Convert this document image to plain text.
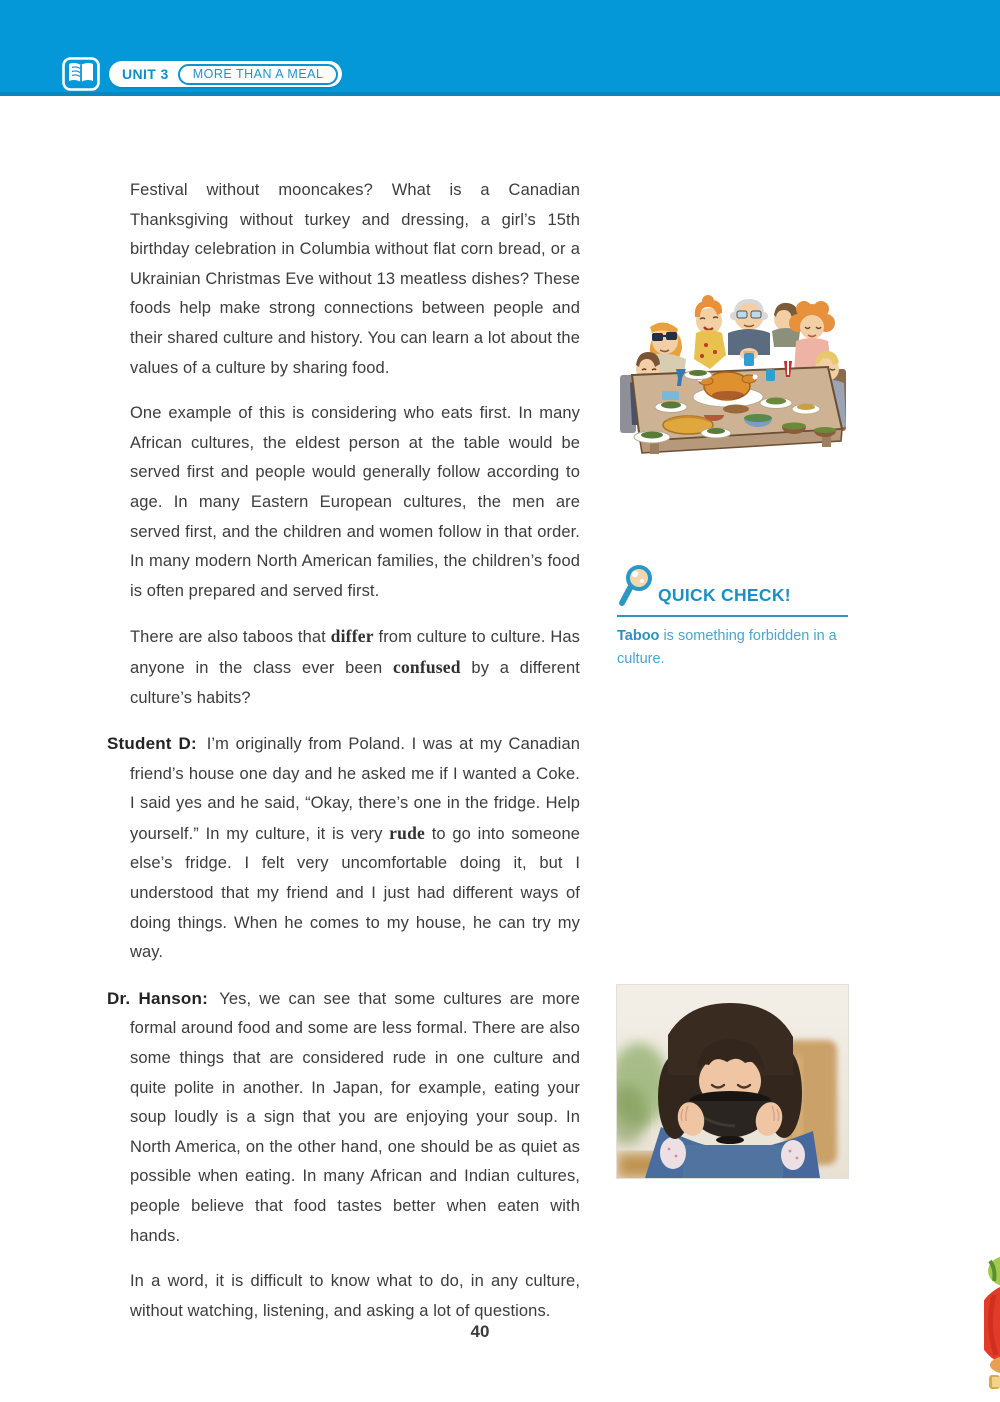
UNIT 3	MORE THAN A MEAL

Festival without mooncakes? What is a Canadian Thanksgiving without turkey and dressing, a girl’s 15th birthday celebration in Columbia without flat corn bread, or a Ukrainian Christmas Eve without 13 meatless dishes? These foods help make strong connections between people and their shared culture and history. You can learn a lot about the values of a culture by sharing food.

One example of this is considering who eats first. In many African cultures, the eldest person at the table would be served first and people would generally follow according to age. In many Eastern European cultures, the men are served first, and the children and women follow in that order. In many modern North American families, the children’s food is often prepared and served first.

There are also taboos that differ from culture to culture. Has anyone in the class ever been confused by a different culture’s habits?

Student D: I’m originally from Poland. I was at my Canadian friend’s house one day and he asked me if I wanted a Coke. I said yes and he said, “Okay, there’s one in the fridge. Help yourself.” In my culture, it is very rude to go into someone else’s fridge. I felt very uncomfortable doing it, but I understood that my friend and I just had different ways of doing things. When he comes to my house, he can try my way.

Dr. Hanson: Yes, we can see that some cultures are more formal around food and some are less formal. There are also some things that are considered rude in one culture and quite polite in another. In Japan, for example, eating your soup loudly is a sign that you are enjoying your soup. In North America, on the other hand, one should be as quiet as possible when eating. In many African and Indian cultures, people believe that food tastes better when eaten with hands.

In a word, it is difficult to know what to do, in any culture, without watching, listening, and asking a lot of questions.

QUICK CHECK!

Taboo is something forbidden in a culture.

40
